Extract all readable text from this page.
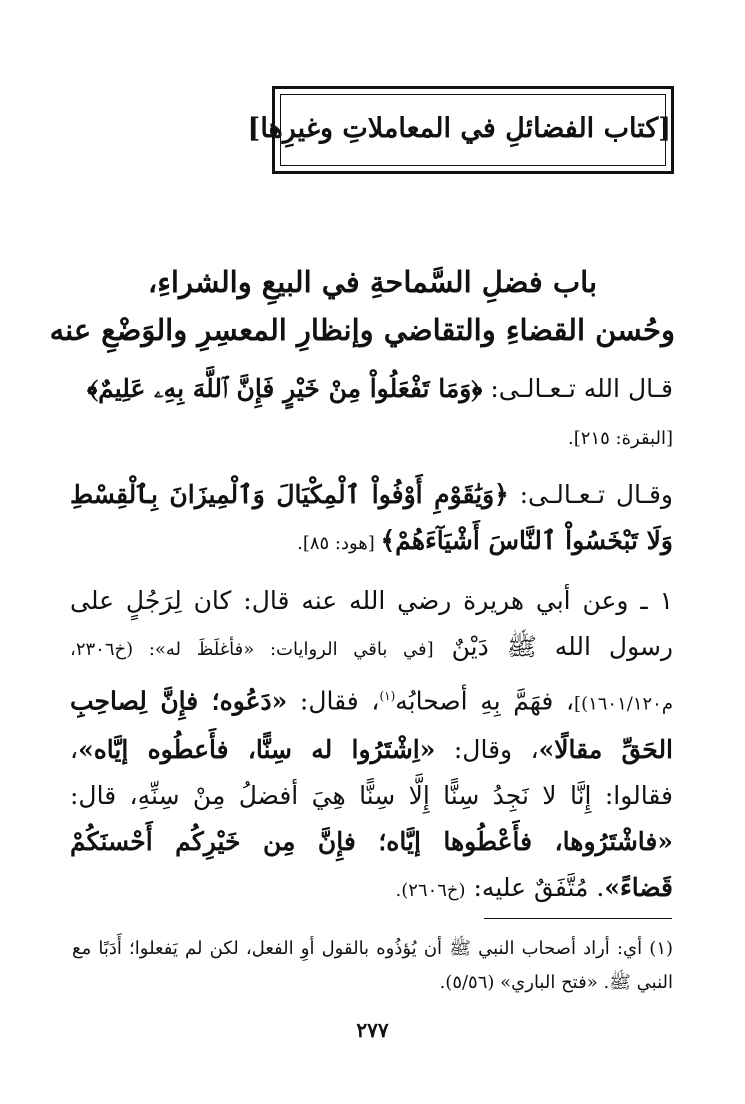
[كتاب الفضائلِ في المعاملاتِ وغيرِها]
باب فضلِ السَّماحةِ في البيعِ والشراءِ،
وحُسن القضاءِ والتقاضي وإنظارِ المعسِرِ والوَضْعِ عنه
قـال الله تـعـالـى: ﴿وَمَا تَفْعَلُواْ مِنْ خَيْرٍ فَإِنَّ ٱللَّهَ بِهِۦ عَلِيمٌ﴾
[البقرة: ٢١٥].
وقـال تـعـالـى: ﴿وَيَٰقَوْمِ أَوْفُواْ ٱلْمِكْيَالَ وَٱلْمِيزَانَ بِٱلْقِسْطِ وَلَا تَبْخَسُواْ ٱلنَّاسَ أَشْيَآءَهُمْ﴾ [هود: ٨٥].
١ ـ وعن أبي هريرة رضي الله عنه قال: كان لِرَجُلٍ على رسول الله ﷺ دَيْنٌ [في باقي الروايات: «فأغلَظَ له»: (خ٢٣٠٦، م١٦٠١/١٢٠)]، فهَمَّ بِهِ أصحابُه$^{(١)}$، فقال: «دَعُوه؛ فإِنَّ لِصاحِبِ الحَقِّ مقالًا»، وقال: «اِشْتَرُوا له سِنًّا، فأَعطُوه إيَّاه»، فقالوا: إِنَّا لا نَجِدُ سِنًّا إِلَّا سِنًّا هِيَ أفضلُ مِنْ سِنِّهِ، قال: «فاشْتَرُوها، فأَعْطُوها إيَّاه؛ فإِنَّ مِن خَيْرِكُم أَحْسنَكُمْ قَضاءً». مُتَّفَقٌ عليه: (خ٢٦٠٦).
(١) أي: أراد أصحاب النبي ﷺ أن يُؤذُوه بالقول أوِ الفعل، لكن لم يَفعلوا؛ أَدَبًا مع النبي ﷺ. «فتح الباري» (٥/٥٦).
٢٧٧
